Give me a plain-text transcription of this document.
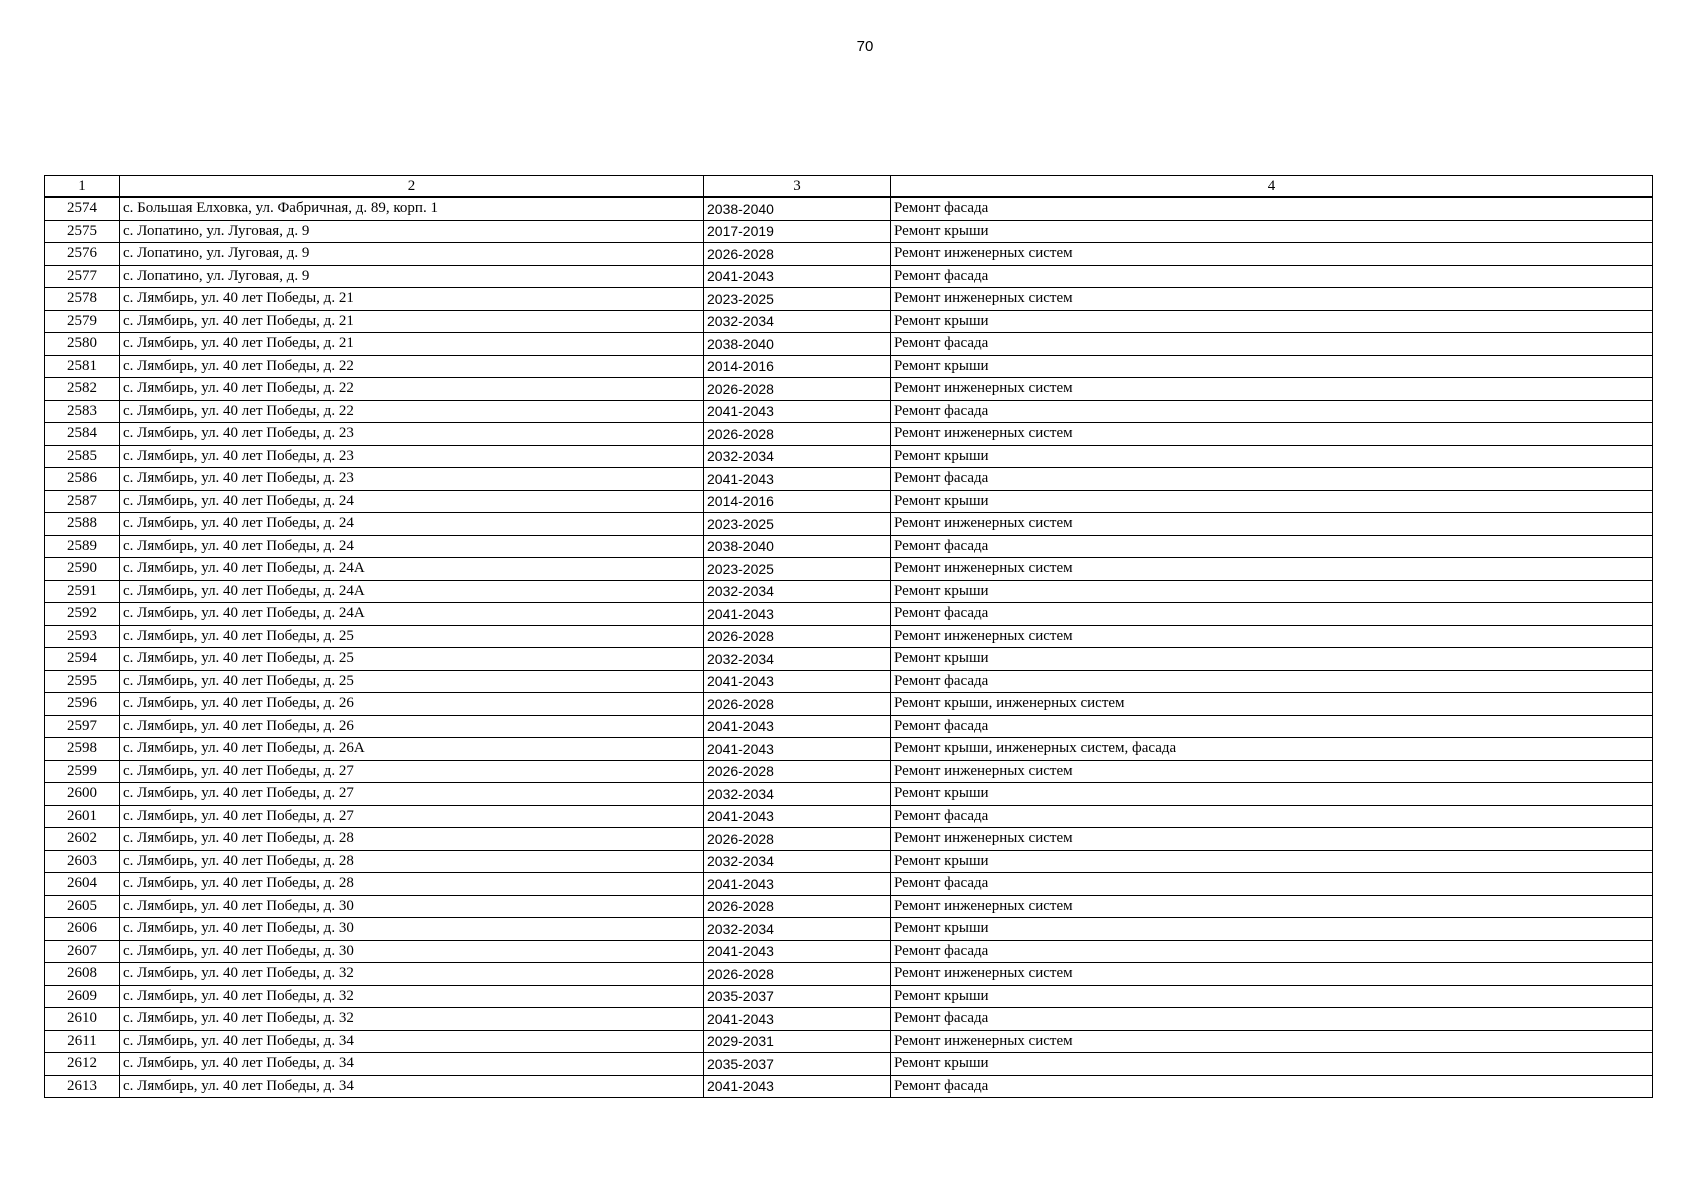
70
1	2	3	4
2574	с. Большая Елховка, ул. Фабричная, д. 89, корп. 1	2038-2040	Ремонт фасада
2575	с. Лопатино, ул. Луговая, д. 9	2017-2019	Ремонт крыши
2576	с. Лопатино, ул. Луговая, д. 9	2026-2028	Ремонт инженерных систем
2577	с. Лопатино, ул. Луговая, д. 9	2041-2043	Ремонт фасада
2578	с. Лямбирь, ул. 40 лет Победы, д. 21	2023-2025	Ремонт инженерных систем
2579	с. Лямбирь, ул. 40 лет Победы, д. 21	2032-2034	Ремонт крыши
2580	с. Лямбирь, ул. 40 лет Победы, д. 21	2038-2040	Ремонт фасада
2581	с. Лямбирь, ул. 40 лет Победы, д. 22	2014-2016	Ремонт крыши
2582	с. Лямбирь, ул. 40 лет Победы, д. 22	2026-2028	Ремонт инженерных систем
2583	с. Лямбирь, ул. 40 лет Победы, д. 22	2041-2043	Ремонт фасада
2584	с. Лямбирь, ул. 40 лет Победы, д. 23	2026-2028	Ремонт инженерных систем
2585	с. Лямбирь, ул. 40 лет Победы, д. 23	2032-2034	Ремонт крыши
2586	с. Лямбирь, ул. 40 лет Победы, д. 23	2041-2043	Ремонт фасада
2587	с. Лямбирь, ул. 40 лет Победы, д. 24	2014-2016	Ремонт крыши
2588	с. Лямбирь, ул. 40 лет Победы, д. 24	2023-2025	Ремонт инженерных систем
2589	с. Лямбирь, ул. 40 лет Победы, д. 24	2038-2040	Ремонт фасада
2590	с. Лямбирь, ул. 40 лет Победы, д. 24А	2023-2025	Ремонт инженерных систем
2591	с. Лямбирь, ул. 40 лет Победы, д. 24А	2032-2034	Ремонт крыши
2592	с. Лямбирь, ул. 40 лет Победы, д. 24А	2041-2043	Ремонт фасада
2593	с. Лямбирь, ул. 40 лет Победы, д. 25	2026-2028	Ремонт инженерных систем
2594	с. Лямбирь, ул. 40 лет Победы, д. 25	2032-2034	Ремонт крыши
2595	с. Лямбирь, ул. 40 лет Победы, д. 25	2041-2043	Ремонт фасада
2596	с. Лямбирь, ул. 40 лет Победы, д. 26	2026-2028	Ремонт крыши, инженерных систем
2597	с. Лямбирь, ул. 40 лет Победы, д. 26	2041-2043	Ремонт фасада
2598	с. Лямбирь, ул. 40 лет Победы, д. 26А	2041-2043	Ремонт крыши, инженерных систем, фасада
2599	с. Лямбирь, ул. 40 лет Победы, д. 27	2026-2028	Ремонт инженерных систем
2600	с. Лямбирь, ул. 40 лет Победы, д. 27	2032-2034	Ремонт крыши
2601	с. Лямбирь, ул. 40 лет Победы, д. 27	2041-2043	Ремонт фасада
2602	с. Лямбирь, ул. 40 лет Победы, д. 28	2026-2028	Ремонт инженерных систем
2603	с. Лямбирь, ул. 40 лет Победы, д. 28	2032-2034	Ремонт крыши
2604	с. Лямбирь, ул. 40 лет Победы, д. 28	2041-2043	Ремонт фасада
2605	с. Лямбирь, ул. 40 лет Победы, д. 30	2026-2028	Ремонт инженерных систем
2606	с. Лямбирь, ул. 40 лет Победы, д. 30	2032-2034	Ремонт крыши
2607	с. Лямбирь, ул. 40 лет Победы, д. 30	2041-2043	Ремонт фасада
2608	с. Лямбирь, ул. 40 лет Победы, д. 32	2026-2028	Ремонт инженерных систем
2609	с. Лямбирь, ул. 40 лет Победы, д. 32	2035-2037	Ремонт крыши
2610	с. Лямбирь, ул. 40 лет Победы, д. 32	2041-2043	Ремонт фасада
2611	с. Лямбирь, ул. 40 лет Победы, д. 34	2029-2031	Ремонт инженерных систем
2612	с. Лямбирь, ул. 40 лет Победы, д. 34	2035-2037	Ремонт крыши
2613	с. Лямбирь, ул. 40 лет Победы, д. 34	2041-2043	Ремонт фасада
